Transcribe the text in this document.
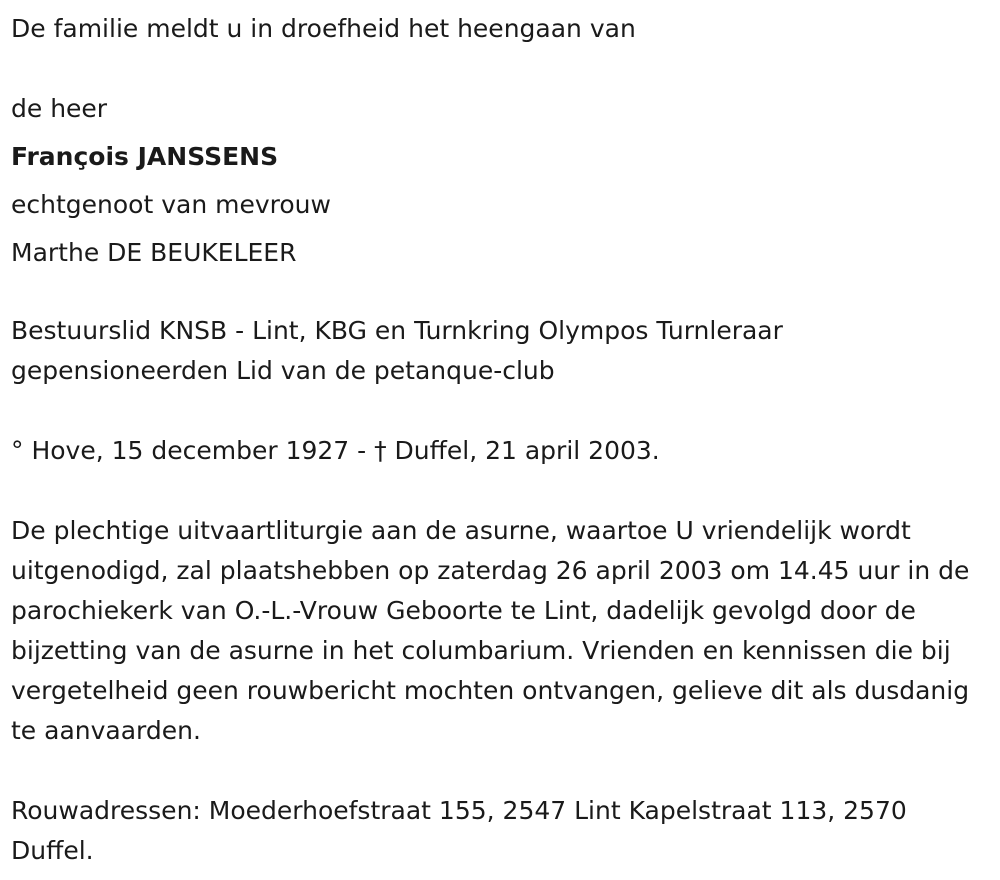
De familie meldt u in droefheid het heengaan van

de heer

François JANSSENS

echtgenoot van mevrouw

Marthe DE BEUKELEER

Bestuurslid KNSB - Lint, KBG en Turnkring Olympos Turnleraar gepensioneerden Lid van de petanque-club

° Hove, 15 december 1927 - † Duffel, 21 april 2003.

De plechtige uitvaartliturgie aan de asurne, waartoe U vriendelijk wordt uitgenodigd, zal plaatshebben op zaterdag 26 april 2003 om 14.45 uur in de parochiekerk van O.-L.-Vrouw Geboorte te Lint, dadelijk gevolgd door de bijzetting van de asurne in het columbarium. Vrienden en kennissen die bij vergetelheid geen rouwbericht mochten ontvangen, gelieve dit als dusdanig te aanvaarden.

Rouwadressen: Moederhoefstraat 155, 2547 Lint Kapelstraat 113, 2570 Duffel.
